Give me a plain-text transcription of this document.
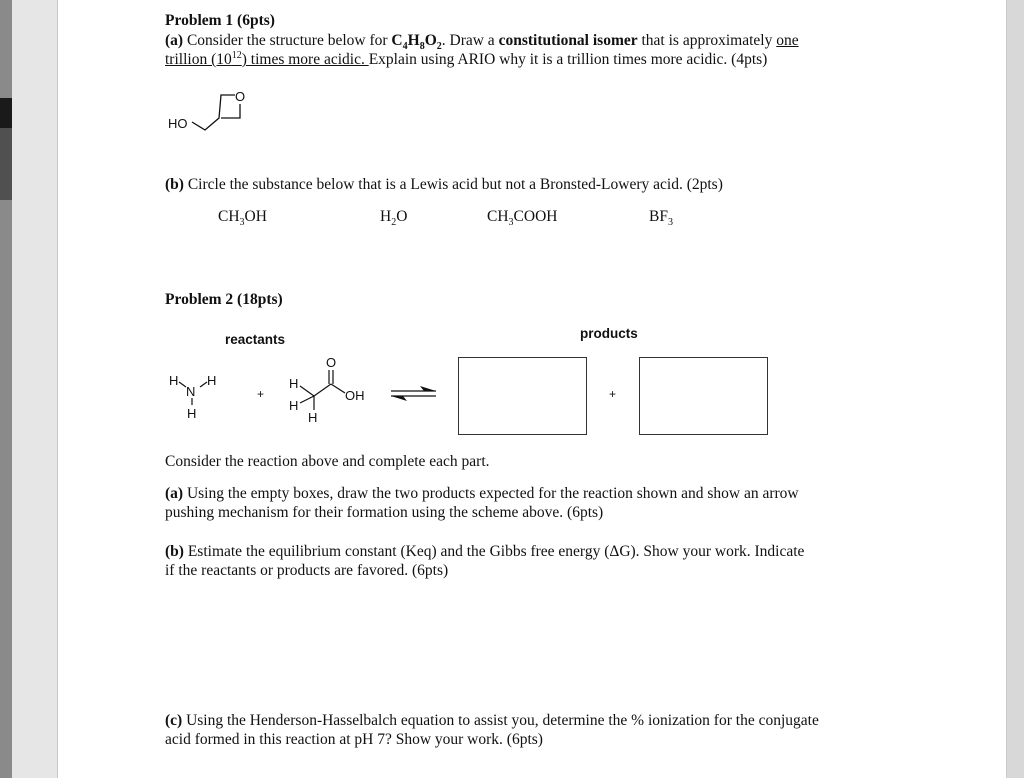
Problem 1 (6pts)
(a) Consider the structure below for $C_4H_8O_2$. Draw a constitutional isomer that is approximately one
trillion $(10^{12})$ times more acidic. Explain using ARIO why it is a trillion times more acidic. (4pts)
HO
O
(b) Circle the substance below that is a Lewis acid but not a Bronsted-Lowery acid. (2pts)
$CH_3OH$	$H_2O$	$CH_3COOH$	$BF_3$
Problem 2 (18pts)
reactants	products
H H
N
H
+
H
H
H
O
OH	+
Consider the reaction above and complete each part.
(a) Using the empty boxes, draw the two products expected for the reaction shown and show an arrow
pushing mechanism for their formation using the scheme above. (6pts)
(b) Estimate the equilibrium constant (Keq) and the Gibbs free energy (ΔG). Show your work. Indicate
if the reactants or products are favored. (6pts)
(c) Using the Henderson-Hasselbalch equation to assist you, determine the % ionization for the conjugate
acid formed in this reaction at pH 7? Show your work. (6pts)
